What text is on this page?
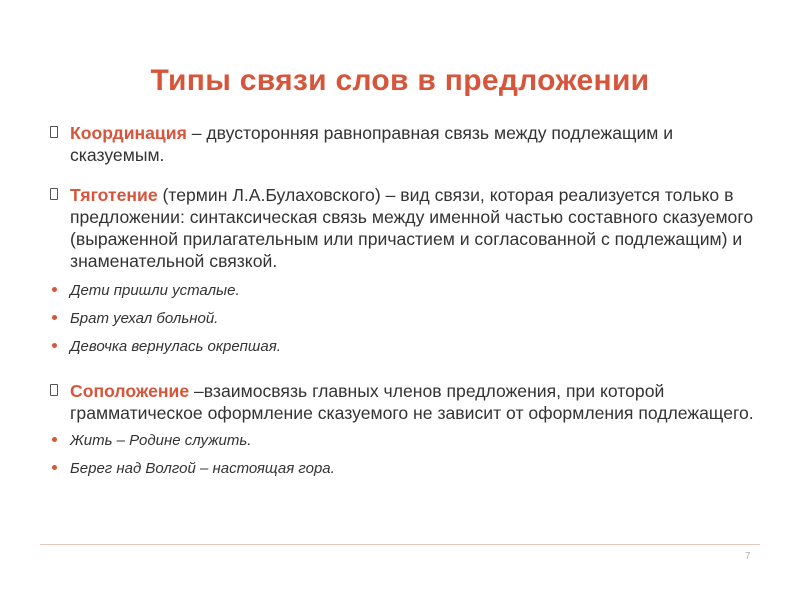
Типы связи слов в предложении
Координация – двусторонняя равноправная связь между подлежащим и сказуемым.
Тяготение (термин Л.А.Булаховского) – вид связи, которая реализуется только в предложении: синтаксическая связь между именной частью составного сказуемого (выраженной прилагательным или причастием и согласованной с подлежащим) и знаменательной связкой.
Дети пришли усталые.
Брат уехал больной.
Девочка вернулась окрепшая.
Соположение –взаимосвязь главных членов предложения, при которой грамматическое оформление сказуемого не зависит от оформления подлежащего.
Жить – Родине служить.
Берег над Волгой – настоящая гора.
7
